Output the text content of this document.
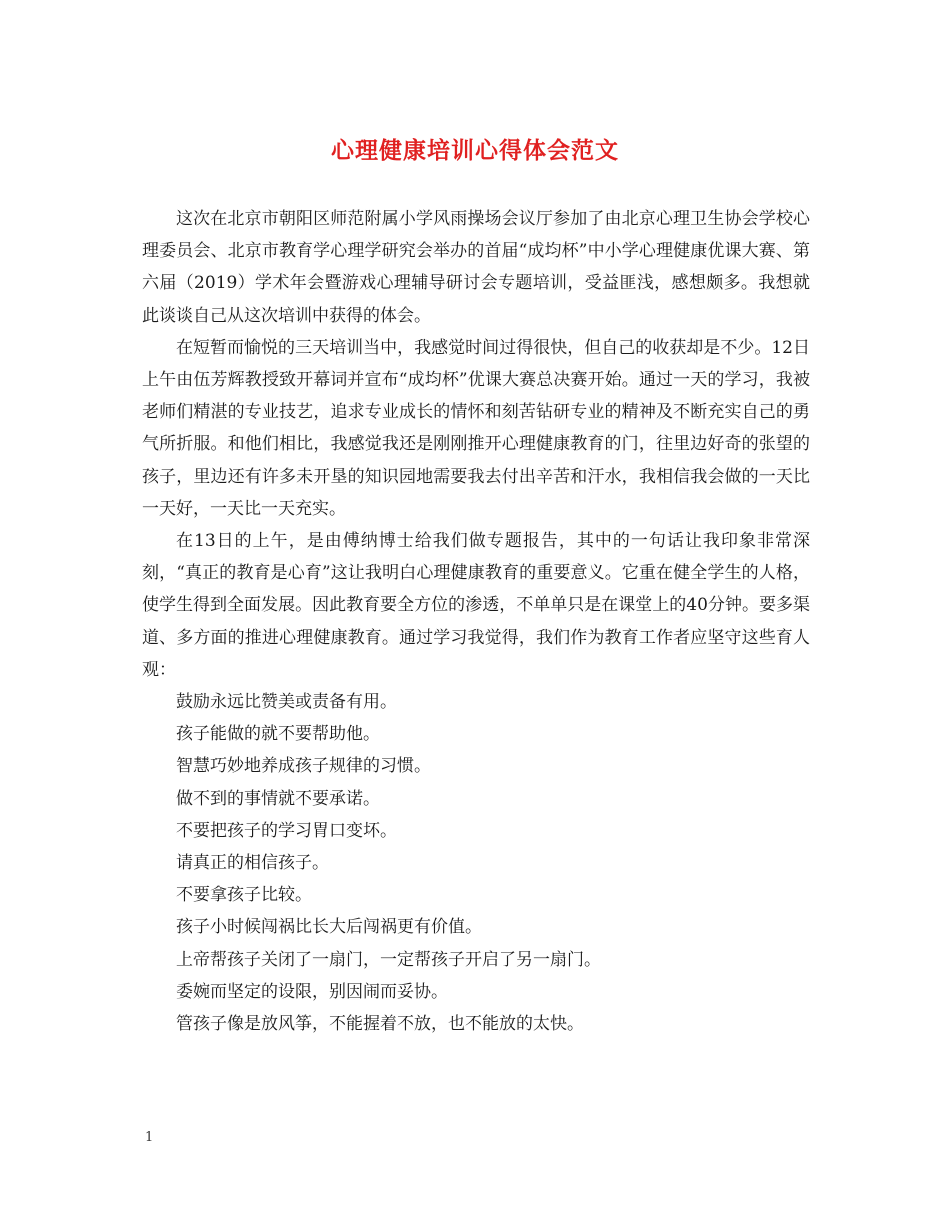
心理健康培训心得体会范文

这次在北京市朝阳区师范附属小学风雨操场会议厅参加了由北京心理卫生协会学校心理委员会、北京市教育学心理学研究会举办的首届“成均杯”中小学心理健康优课大赛、第六届（2019）学术年会暨游戏心理辅导研讨会专题培训，受益匪浅，感想颇多。我想就此谈谈自己从这次培训中获得的体会。

在短暂而愉悦的三天培训当中，我感觉时间过得很快，但自己的收获却是不少。12日上午由伍芳辉教授致开幕词并宣布“成均杯”优课大赛总决赛开始。通过一天的学习，我被老师们精湛的专业技艺，追求专业成长的情怀和刻苦钻研专业的精神及不断充实自己的勇气所折服。和他们相比，我感觉我还是刚刚推开心理健康教育的门，往里边好奇的张望的孩子，里边还有许多未开垦的知识园地需要我去付出辛苦和汗水，我相信我会做的一天比一天好，一天比一天充实。

在13日的上午，是由傅纳博士给我们做专题报告，其中的一句话让我印象非常深刻，“真正的教育是心育”这让我明白心理健康教育的重要意义。它重在健全学生的人格，使学生得到全面发展。因此教育要全方位的渗透，不单单只是在课堂上的40分钟。要多渠道、多方面的推进心理健康教育。通过学习我觉得，我们作为教育工作者应坚守这些育人观：

鼓励永远比赞美或责备有用。
孩子能做的就不要帮助他。
智慧巧妙地养成孩子规律的习惯。
做不到的事情就不要承诺。
不要把孩子的学习胃口变坏。
请真正的相信孩子。
不要拿孩子比较。
孩子小时候闯祸比长大后闯祸更有价值。
上帝帮孩子关闭了一扇门，一定帮孩子开启了另一扇门。
委婉而坚定的设限，别因闹而妥协。
管孩子像是放风筝，不能握着不放，也不能放的太快。
1
